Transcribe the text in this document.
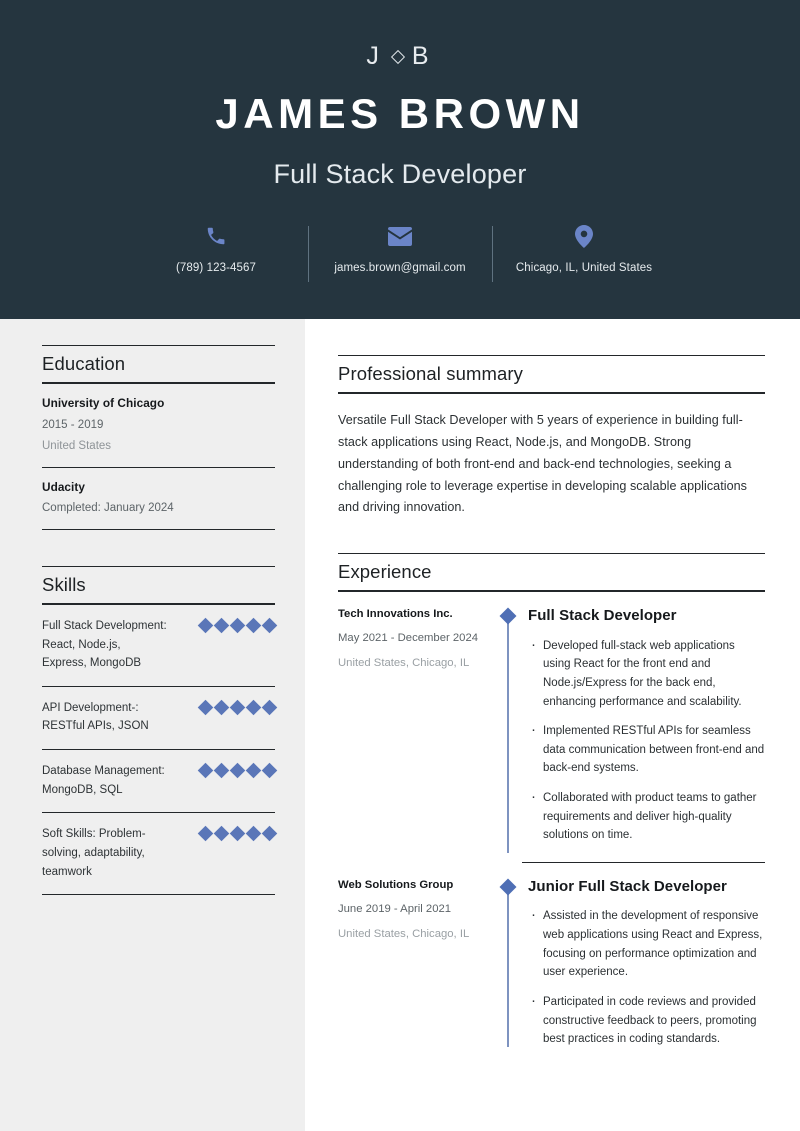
J B
JAMES BROWN
Full Stack Developer
(789) 123-4567	james.brown@gmail.com	Chicago, IL, United States
Education
University of Chicago
2015 - 2019
United States
Udacity
Completed: January 2024
Skills
Full Stack Development: React, Node.js, Express, MongoDB
API Development-: RESTful APIs, JSON
Database Management: MongoDB, SQL
Soft Skills: Problem-solving, adaptability, teamwork
Professional summary
Versatile Full Stack Developer with 5 years of experience in building full-stack applications using React, Node.js, and MongoDB. Strong understanding of both front-end and back-end technologies, seeking a challenging role to leverage expertise in developing scalable applications and driving innovation.
Experience
Tech Innovations Inc.
May 2021 - December 2024
United States, Chicago, IL
Full Stack Developer
· Developed full-stack web applications using React for the front end and Node.js/Express for the back end, enhancing performance and scalability.
· Implemented RESTful APIs for seamless data communication between front-end and back-end systems.
· Collaborated with product teams to gather requirements and deliver high-quality solutions on time.
Web Solutions Group
June 2019 - April 2021
United States, Chicago, IL
Junior Full Stack Developer
· Assisted in the development of responsive web applications using React and Express, focusing on performance optimization and user experience.
· Participated in code reviews and provided constructive feedback to peers, promoting best practices in coding standards.
